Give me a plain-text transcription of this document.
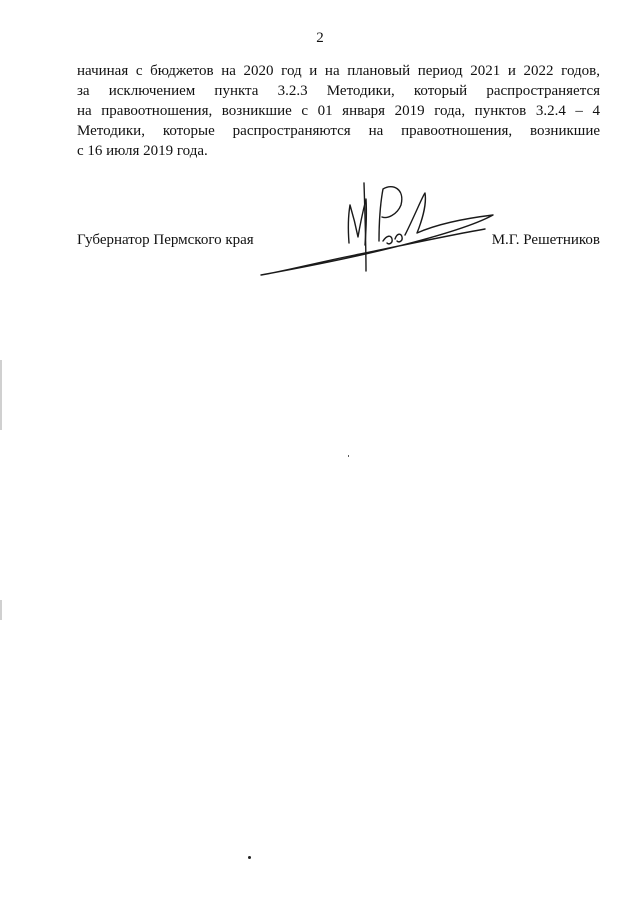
2
начиная с бюджетов на 2020 год и на плановый период 2021 и 2022 годов,
за исключением пункта 3.2.3 Методики, который распространяется
на правоотношения, возникшие с 01 января 2019 года, пунктов 3.2.4 – 4
Методики, которые распространяются на правоотношения, возникшие
с 16 июля 2019 года.
Губернатор Пермского края	М.Г. Решетников
